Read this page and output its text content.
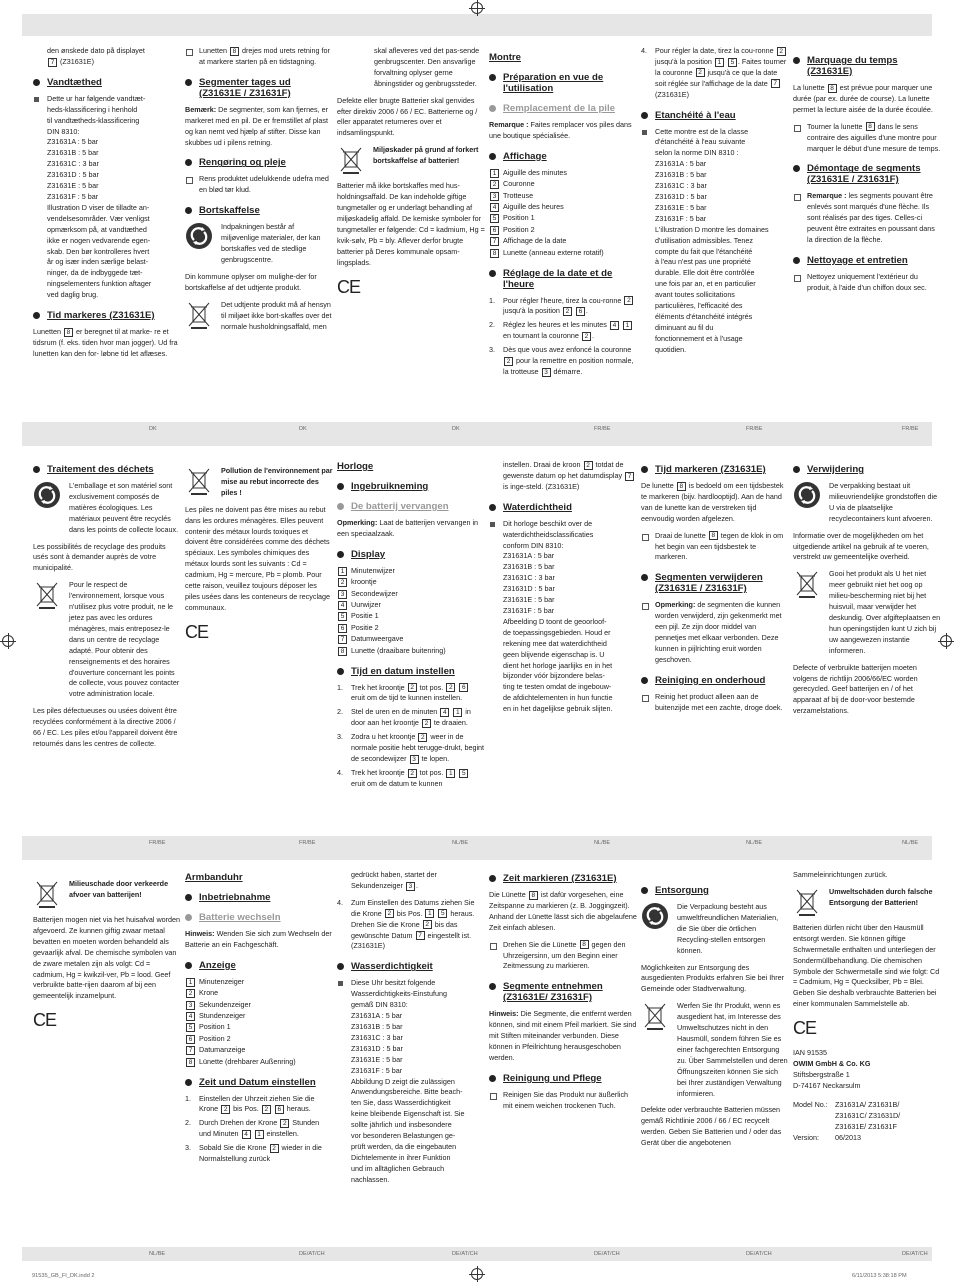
den ønskede dato på displayet
7 (Z31631E)
Vandtæthed
Dette ur har følgende vandtæt-
heds-klassificering i henhold
til vandtætheds-klassificering
DIN 8310:
Z31631A : 5 bar
Z31631B : 5 bar
Z31631C : 3 bar
Z31631D : 5 bar
Z31631E : 5 bar
Z31631F : 5 bar
Illustration D viser de tilladte an-
vendelsesområder. Vær venligst
opmærksom på, at vandtæthed
ikke er nogen vedvarende egen-
skab. Den bør kontrolleres hvert
år og især inden særlige belast-
ninger, da de indbyggede tæt-
ningselementers funktion aftager
ved daglig brug.
Tid markeres (Z31631E)
Lunetten 8 er beregnet til at marke- re et tidsrum (f. eks. tiden hvor man jogger). Ud fra lunetten kan den for- løbne tid let aflæses.
Lunetten 8 drejes mod urets retning for at markere starten på en tidstagning.
Segmenter tages ud (Z31631E / Z31631F)
Bemærk: De segmenter, som kan fjernes, er markeret med en pil. De er fremstillet af plast og kan nemt ved hjælp af stifter. Disse kan skubbes ud i pilens retning.
Rengøring og pleje
Rens produktet udelukkende udefra med en blød tør klud.
Bortskaffelse
Indpakningen består af miljøvenlige materialer, der kan bortskaffes ved de stedlige genbrugscentre.
Din kommune oplyser om mulighe-der for bortskaffelse af det udtjente produkt.
Det udtjente produkt må af hensyn til miljøet ikke bort-skaffes over det normale husholdningsaffald, men
skal afleveres ved det pas-sende genbrugscenter. Den ansvarlige forvaltning oplyser gerne åbningstider og genbrugssteder.
Defekte eller brugte Batterier skal genvides efter direktiv 2006 / 66 / EC. Batterierne og / eller apparatet returneres over et indsamlingspunkt.
Miljøskader på grund af forkert bortskaffelse af batterier!
Batterier må ikke bortskaffes med hus-holdningsaffald. De kan indeholde giftige tungmetaller og er underlagt behandling af miljøskadelig affald. De kemiske symboler for tungmetaller er følgende: Cd = kadmium, Hg = kvik-sølv, Pb = bly. Aflever derfor brugte batterier på Deres kommunale opsam-lingsplads.
CE
Montre
Préparation en vue de l'utilisation
Remplacement de la pile
Remarque : Faites remplacer vos piles dans une boutique spécialisée.
Affichage
1 Aiguille des minutes
2 Couronne
3 Trotteuse
4 Aiguille des heures
5 Position 1
6 Position 2
7 Affichage de la date
8 Lunette (anneau externe rotatif)
Réglage de la date et de l'heure
1. Pour régler l'heure, tirez la cou-ronne 2 jusqu'à la position 2 6 .
2. Réglez les heures et les minutes 4 1 en tournant la couronne 2 .
3. Dès que vous avez enfoncé la couronne 2 pour la remettre en position normale, la trotteuse 3 démarre.
4. Pour régler la date, tirez la cou-ronne 2 jusqu'à la position 1 5 . Faites tourner la couronne 2 jusqu'à ce que la date soit réglée sur l'affichage de la date 7 (Z31631E)
Etanchéité à l'eau
Cette montre est de la classe
d'étanchéité à l'eau suivante
selon la norme DIN 8310 :
Z31631A : 5 bar
Z31631B : 5 bar
Z31631C : 3 bar
Z31631D : 5 bar
Z31631E : 5 bar
Z31631F : 5 bar
L'illustration D montre les domaines
d'utilisation admissibles. Tenez
compte du fait que l'étanchéité
à l'eau n'est pas une propriété
durable. Elle doit être contrôlée
une fois par an, et en particulier
avant toutes sollicitations
particulières, l'efficacité des
éléments d'étanchéité intégrés
diminuant au fil du
fonctionnement et à l'usage
quotidien.
Marquage du temps (Z31631E)
La lunette 8 est prévue pour marquer une durée (par ex. durée de course). La lunette permet la lecture aisée de la durée écoulée.
Tourner la lunette 8 dans le sens contraire des aiguilles d'une montre pour marquer le début d'une mesure de temps.
Démontage de segments (Z31631E / Z31631F)
Remarque : les segments pouvant être enlevés sont marqués d'une flèche. Ils sont réalisés par des tiges. Celles-ci peuvent être extraites en poussant dans la direction de la flèche.
Nettoyage et entretien
Nettoyez uniquement l'extérieur du produit, à l'aide d'un chiffon doux sec.
Traitement des déchets
L'emballage et son matériel sont exclusivement composés de matières écologiques. Les matériaux peuvent être recyclés dans les points de collecte locaux.
Les possibilités de recyclage des produits usés sont à demander auprès de votre municipalité.
Pour le respect de l'environnement, lorsque vous n'utilisez plus votre produit, ne le jetez pas avec les ordures ménagères, mais entreposez-le dans un centre de recyclage adapté. Pour obtenir des renseignements et des horaires d'ouverture concernant les points de collecte, vous pouvez contacter votre administration locale.
Les piles défectueuses ou usées doivent être recyclées conformément à la directive 2006 / 66 / EC. Les piles et/ou l'appareil doivent être retournés dans les centres de collecte.
Pollution de l'environnement par mise au rebut incorrecte des piles !
Les piles ne doivent pas être mises au rebut dans les ordures ménagères. Elles peuvent contenir des métaux lourds toxiques et doivent être considérées comme des déchets spéciaux. Les symboles chimiques des métaux lourds sont les suivants : Cd = cadmium, Hg = mercure, Pb = plomb. Pour cette raison, veuillez toujours déposer les piles usées dans les conteneurs de recyclage communaux.
CE
Horloge
Ingebruikneming
De batterij vervangen
Opmerking: Laat de batterijen vervangen in een speciaalzaak.
Display
1 Minutenwijzer
2 kroontje
3 Secondewijzer
4 Uurwijzer
5 Positie 1
6 Positie 2
7 Datumweergave
8 Lunette (draaibare buitenring)
Tijd en datum instellen
1. Trek het kroontje 2 tot pos. 2 6 eruit om de tijd te kunnen instellen.
2. Stel de uren en de minuten 4 1 in door aan het kroontje 2 te draaien.
3. Zodra u het kroontje 2 weer in de normale positie hebt terugge-drukt, begint de secondewijzer 3 te lopen.
4. Trek het kroontje 2 tot pos. 1 5 eruit om de datum te kunnen
instellen. Draai de kroon 2 totdat de gewenste datum op het datumdisplay 7 is inge-steld. (Z31631E)
Waterdichtheid
Dit horloge beschikt over de
waterdichtheidsclassificaties
conform DIN 8310:
Z31631A : 5 bar
Z31631B : 5 bar
Z31631C : 3 bar
Z31631D : 5 bar
Z31631E : 5 bar
Z31631F : 5 bar
Afbeelding D toont de geoorloof-
de toepassingsgebieden. Houd er
rekening mee dat waterdichtheid
geen blijvende eigenschap is. U
dient het horloge jaarlijks en in het
bijzonder vóór bijzondere belas-
ting te testen omdat de ingebouw-
de afdichtelementen in hun functie
en in het dagelijkse gebruik slijten.
Tijd markeren (Z31631E)
De lunette 8 is bedoeld om een tijdsbestek te markeren (bijv. hardlooptijd). Aan de hand van de lunette kan de verstreken tijd eenvoudig worden afgelezen.
Draai de lunette 8 tegen de klok in om het begin van een tijdsbestek te markeren.
Segmenten verwijderen (Z31631E / Z31631F)
Opmerking: de segmenten die kunnen worden verwijderd, zijn gekenmerkt met een pijl. Ze zijn door middel van pennetjes met elkaar verbonden. Deze kunnen in pijlrichting eruit worden geschoven.
Reiniging en onderhoud
Reinig het product alleen aan de buitenzijde met een zachte, droge doek.
Verwijdering
De verpakking bestaat uit milieuvriendelijke grondstoffen die U via de plaatselijke recyclecontainers kunt afvoeren.
Informatie over de mogelijkheden om het uitgediende artikel na gebruik af te voeren, verstrekt uw gemeentelijke overheid.
Gooi het produkt als U het niet meer gebruikt niet het oog op milieu-bescherming niet bij het huisvuil, maar verwijder het deskundig. Over afgifteplaatsen en hun openingstijden kunt U zich bij uw aangewezen instantie informeren.
Defecte of verbruikte batterijen moeten volgens de richtlijn 2006/66/EC worden gerecycled. Geef batterijen en / of het apparaat af bij de door-voor bestemde verzamelstations.
Milieuschade door verkeerde afvoer van batterijen!
Batterijen mogen niet via het huisafval worden afgevoerd. Ze kunnen giftig zwaar metaal bevatten en moeten worden behandeld als gevaarlijk afval. De chemische symbolen van de zware metalen zijn als volgt: Cd = cadmium, Hg = kwikzil-ver, Pb = lood. Geef verbruikte batte-rijen daarom af bij een gemeentelijk inzamelpunt.
CE
Armbanduhr
Inbetriebnahme
Batterie wechseln
Hinweis: Wenden Sie sich zum Wechseln der Batterie an ein Fachgeschäft.
Anzeige
1 Minutenzeiger
2 Krone
3 Sekundenzeiger
4 Stundenzeiger
5 Position 1
6 Position 2
7 Datumanzeige
8 Lünette (drehbarer Außenring)
Zeit und Datum einstellen
1. Einstellen der Uhrzeit ziehen Sie die Krone 2 bis Pos. 2 6 heraus.
2. Durch Drehen der Krone 2 Stunden und Minuten 4 1 einstellen.
3. Sobald Sie die Krone 2 wieder in die Normalstellung zurück
gedrückt haben, startet der Sekundenzeiger 3 .
4. Zum Einstellen des Datums ziehen Sie die Krone 2 bis Pos. 1 5 heraus. Drehen Sie die Krone 2 bis das gewünschte Datum 7 eingestellt ist. (Z31631E)
Wasserdichtigkeit
Diese Uhr besitzt folgende
Wasserdichtigkeits-Einstufung
gemäß DIN 8310:
Z31631A : 5 bar
Z31631B : 5 bar
Z31631C : 3 bar
Z31631D : 5 bar
Z31631E : 5 bar
Z31631F : 5 bar
Abbildung D zeigt die zulässigen
Anwendungsbereiche. Bitte beach-
ten Sie, dass Wasserdichtigkeit
keine bleibende Eigenschaft ist. Sie
sollte jährlich und insbesondere
vor besonderen Belastungen ge-
prüft werden, da die eingebauten
Dichtelemente in ihrer Funktion
und im alltäglichen Gebrauch
nachlassen.
Zeit markieren (Z31631E)
Die Lünette 8 ist dafür vorgesehen, eine Zeitspanne zu markieren (z. B. Joggingzeit). Anhand der Lünette lässt sich die abgelaufene Zeit einfach ablesen.
Drehen Sie die Lünette 8 gegen den Uhrzeigersinn, um den Beginn einer Zeitmessung zu markieren.
Segmente entnehmen (Z31631E/ Z31631F)
Hinweis: Die Segmente, die entfernt werden können, sind mit einem Pfeil markiert. Sie sind mit Stiften miteinander verbunden. Diese können in Pfeilrichtung herausgeschoben werden.
Reinigung und Pflege
Reinigen Sie das Produkt nur äußerlich mit einem weichen trockenen Tuch.
Entsorgung
Die Verpackung besteht aus umweltfreundlichen Materialien, die Sie über die örtlichen Recycling-stellen entsorgen können.
Möglichkeiten zur Entsorgung des ausgedienten Produkts erfahren Sie bei Ihrer Gemeinde oder Stadtverwaltung.
Werfen Sie Ihr Produkt, wenn es ausgedient hat, im Interesse des Umweltschutzes nicht in den Hausmüll, sondern führen Sie es einer fachgerechten Entsorgung zu. Über Sammelstellen und deren Öffnungszeiten können Sie sich bei Ihrer zuständigen Verwaltung informieren.
Defekte oder verbrauchte Batterien müssen gemäß Richtlinie 2006 / 66 / EC recycelt werden. Geben Sie Batterien und / oder das Gerät über die angebotenen
Sammeleinrichtungen zurück.
Umweltschäden durch falsche Entsorgung der Batterien!
Batterien dürfen nicht über den Hausmüll entsorgt werden. Sie können giftige Schwermetalle enthalten und unterliegen der Sondermüllbehandlung. Die chemischen Symbole der Schwermetalle sind wie folgt: Cd = Cadmium, Hg = Quecksilber, Pb = Blei. Geben Sie deshalb verbrauchte Batterien bei einer kommunalen Sammelstelle ab.
CE
IAN 91535
OWIM GmbH & Co. KG
Stiftsbergstraße 1
D-74167 Neckarsulm
Model No.: Z31631A/ Z31631B/
Z31631C/ Z31631D/
Z31631E/ Z31631F
Version:	06/2013
DK	DK	DK	FR/BE	FR/BE	FR/BE
FR/BE	FR/BE	NL/BE	NL/BE	NL/BE	NL/BE
NL/BE	DE/AT/CH	DE/AT/CH	DE/AT/CH	DE/AT/CH	DE/AT/CH
91535_GB_FI_DK.indd 2	6/11/2013 5:38:18 PM
